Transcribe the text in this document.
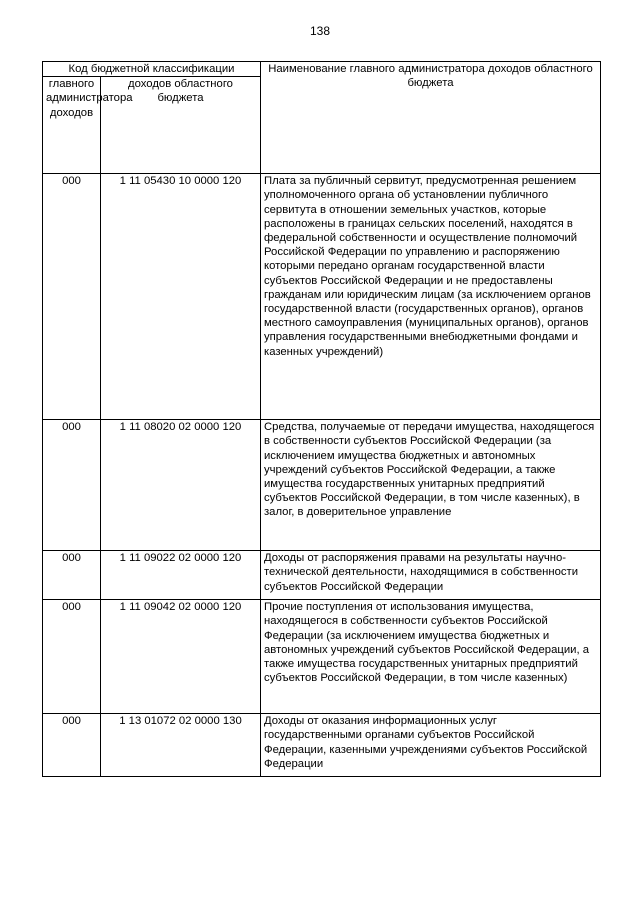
138
Код бюджетной классификации		Наименование главного администратора доходов областного бюджета
главного администратора доходов	доходов областного бюджета	
000	1 11 05430 10 0000 120	Плата за публичный сервитут, предусмотренная решением уполномоченного органа об установлении публичного сервитута в отношении земельных участков, которые расположены в границах сельских поселений, находятся в федеральной собственности и осуществление полномочий Российской Федерации по управлению и распоряжению которыми передано органам государственной власти субъектов Российской Федерации и не предоставлены гражданам или юридическим лицам (за исключением органов государственной власти (государственных органов), органов местного самоуправления (муниципальных органов), органов управления государственными внебюджетными фондами и казенных учреждений)
000	1 11 08020 02 0000 120	Средства, получаемые от передачи имущества, находящегося в собственности субъектов Российской Федерации (за исключением имущества бюджетных и автономных учреждений субъектов Российской Федерации, а также имущества государственных унитарных предприятий субъектов Российской Федерации, в том числе казенных), в залог, в доверительное управление
000	1 11 09022 02 0000 120	Доходы от распоряжения правами на результаты научно-технической деятельности, находящимися в собственности субъектов Российской Федерации
000	1 11 09042 02 0000 120	Прочие поступления от использования имущества, находящегося в собственности субъектов Российской Федерации (за исключением имущества бюджетных и автономных учреждений субъектов Российской Федерации, а также имущества государственных унитарных предприятий субъектов Российской Федерации, в том числе казенных)
000	1 13 01072 02 0000 130	Доходы от оказания информационных услуг государственными органами субъектов Российской Федерации, казенными учреждениями субъектов Российской Федерации
